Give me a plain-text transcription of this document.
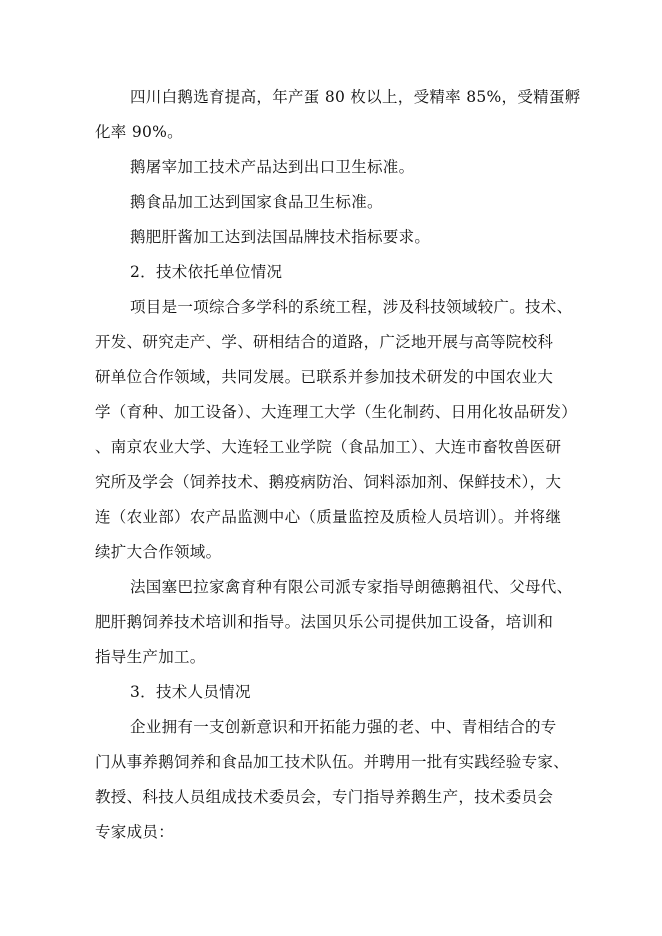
四川白鹅选育提高，年产蛋 80 枚以上，受精率 85%，受精蛋孵
化率 90%。
鹅屠宰加工技术产品达到出口卫生标准。
鹅食品加工达到国家食品卫生标准。
鹅肥肝酱加工达到法国品牌技术指标要求。
2．技术依托单位情况
项目是一项综合多学科的系统工程，涉及科技领域较广。技术、
开发、研究走产、学、研相结合的道路，广泛地开展与高等院校科
研单位合作领域，共同发展。已联系并参加技术研发的中国农业大
学（育种、加工设备）、大连理工大学（生化制药、日用化妆品研发）
、南京农业大学、大连轻工业学院（食品加工）、大连市畜牧兽医研
究所及学会（饲养技术、鹅疫病防治、饲料添加剂、保鲜技术），大
连（农业部）农产品监测中心（质量监控及质检人员培训）。并将继
续扩大合作领域。
法国塞巴拉家禽育种有限公司派专家指导朗德鹅祖代、父母代、
肥肝鹅饲养技术培训和指导。法国贝乐公司提供加工设备，培训和
指导生产加工。
3．技术人员情况
企业拥有一支创新意识和开拓能力强的老、中、青相结合的专
门从事养鹅饲养和食品加工技术队伍。并聘用一批有实践经验专家、
教授、科技人员组成技术委员会，专门指导养鹅生产，技术委员会
专家成员：
